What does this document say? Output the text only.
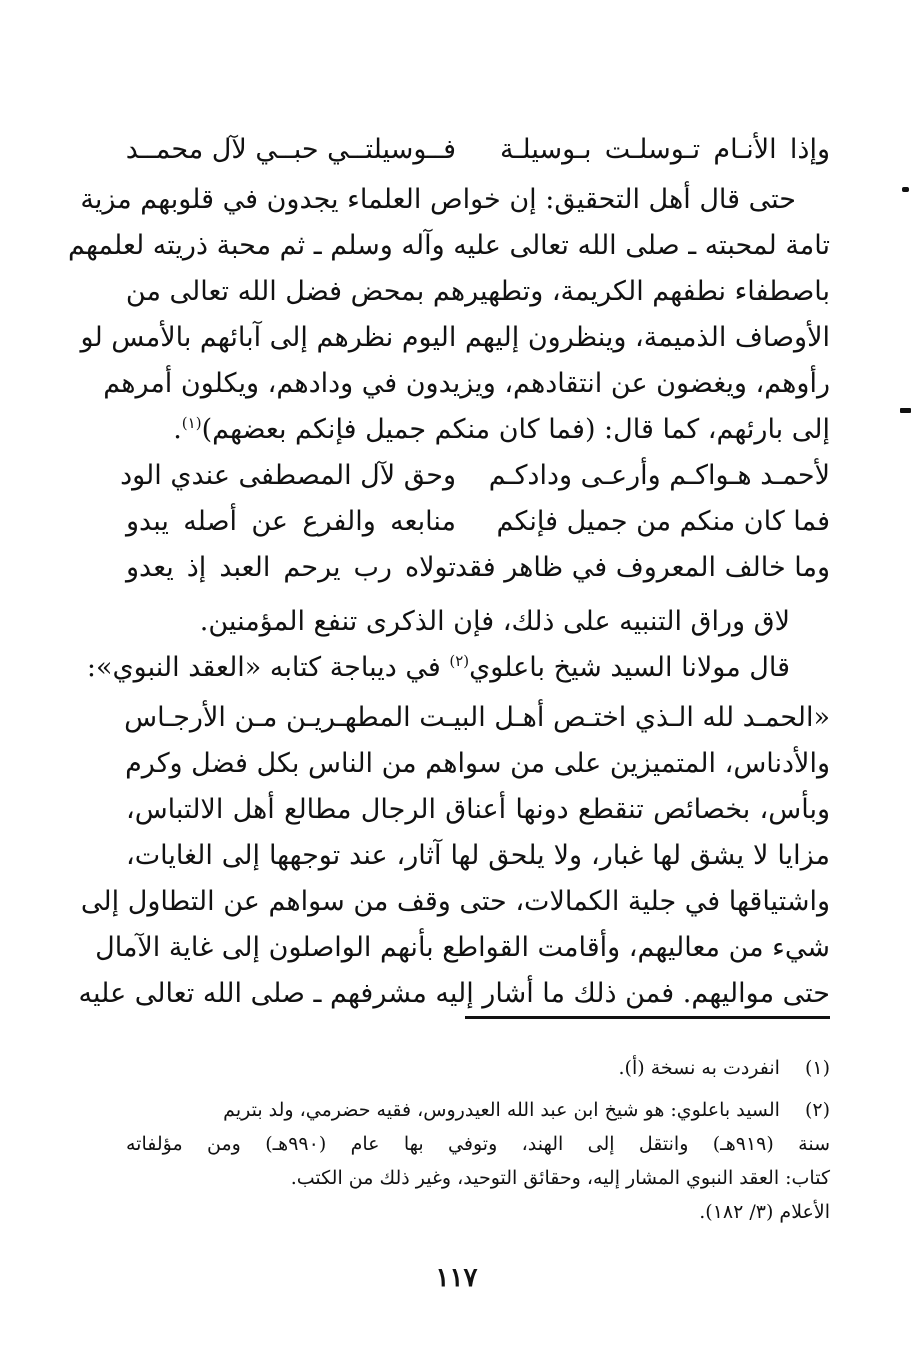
وإذا الأنـام تـوسلـت بـوسيلـة
فــوسيلتــي حبــي لآل محمــد
حتى قال أهل التحقيق: إن خواص العلماء يجدون في قلوبهم مزية
تامة لمحبته ـ صلى الله تعالى عليه وآله وسلم ـ ثم محبة ذريته لعلمهم
باصطفاء نطفهم الكريمة، وتطهيرهم بمحض فضل الله تعالى من
الأوصاف الذميمة، وينظرون إليهم اليوم نظرهم إلى آبائهم بالأمس لو
رأوهم، ويغضون عن انتقادهم، ويزيدون في ودادهم، ويكلون أمرهم
إلى بارئهم، كما قال: (فما كان منكم جميل فإنكم بعضهم)$^{(١)}$.
لأحمـد هـواكـم وأرعـى ودادكـم
وحق لآل المصطفى عندي الود
فما كان منكم من جميل فإنكم
منابعه والفرع عن أصله يبدو
وما خالف المعروف في ظاهر فقد
تولاه رب يرحم العبد إذ يعدو
لاق وراق التنبيه على ذلك، فإن الذكرى تنفع المؤمنين.
قال مولانا السيد شيخ باعلوي$^{(٢)}$ في ديباجة كتابه «العقد النبوي»:
«الحمـد لله الـذي اختـص أهـل البيـت المطهـريـن مـن الأرجـاس
والأدناس، المتميزين على من سواهم من الناس بكل فضل وكرم
وبأس، بخصائص تنقطع دونها أعناق الرجال مطالع أهل الالتباس،
مزايا لا يشق لها غبار، ولا يلحق لها آثار، عند توجهها إلى الغايات،
واشتياقها في جلية الكمالات، حتى وقف من سواهم عن التطاول إلى
شيء من معاليهم، وأقامت القواطع بأنهم الواصلون إلى غاية الآمال
حتى مواليهم. فمن ذلك ما أشار إليه مشرفهم ـ صلى الله تعالى عليه
(١) انفردت به نسخة (أ).
(٢) السيد باعلوي: هو شيخ ابن عبد الله العيدروس، فقيه حضرمي، ولد بتريم
سنة (٩١٩هـ) وانتقل إلى الهند، وتوفي بها عام (٩٩٠هـ) ومن مؤلفاته
كتاب: العقد النبوي المشار إليه، وحقائق التوحيد، وغير ذلك من الكتب.
الأعلام (٣/ ١٨٢).
١١٧
